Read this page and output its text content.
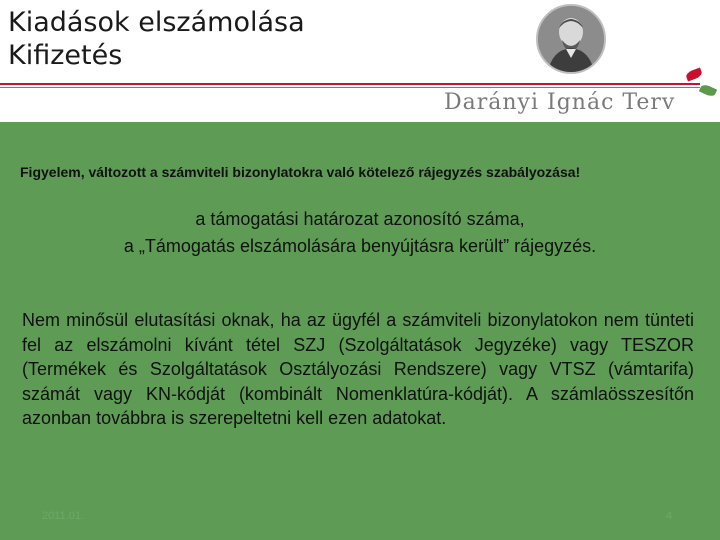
Kiadások elszámolása
Kifizetés
Darányi Ignác Terv
Figyelem, változott a számviteli bizonylatokra való kötelező rájegyzés szabályozása!
a támogatási határozat azonosító száma,
a „Támogatás elszámolására benyújtásra került” rájegyzés.
Nem minősül elutasítási oknak, ha az ügyfél a számviteli bizonylatokon nem tünteti fel az elszámolni kívánt tétel SZJ (Szolgáltatások Jegyzéke) vagy TESZOR (Termékek és Szolgáltatások Osztályozási Rendszere) vagy VTSZ (vámtarifa) számát vagy KN-kódját (kombinált Nomenklatúra-kódját). A számlaösszesítőn azonban továbbra is szerepeltetni kell ezen adatokat.
2011.01.	4
